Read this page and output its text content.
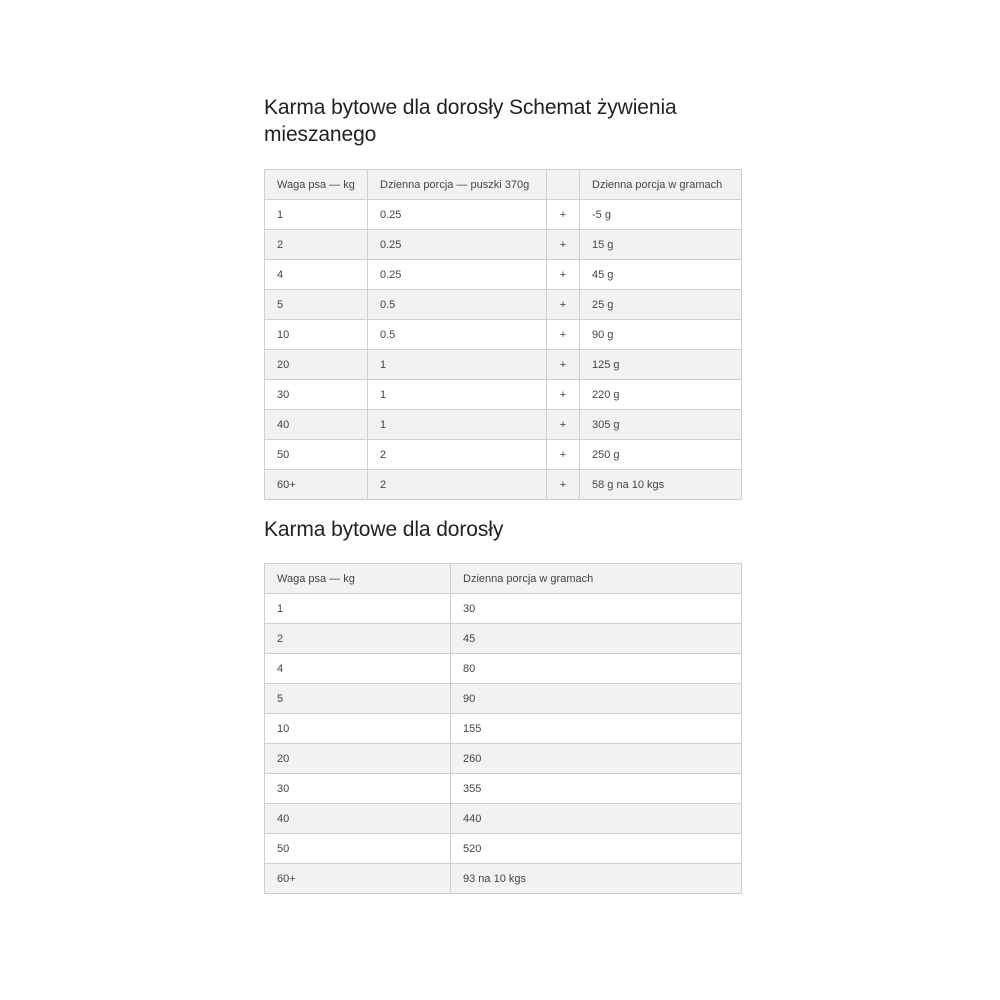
Karma bytowe dla dorosły Schemat żywienia mieszanego
Waga psa — kg	Dzienna porcja — puszki 370g		Dzienna porcja w gramach
1	0.25	+	-5 g
2	0.25	+	15 g
4	0.25	+	45 g
5	0.5	+	25 g
10	0.5	+	90 g
20	1	+	125 g
30	1	+	220 g
40	1	+	305 g
50	2	+	250 g
60+	2	+	58 g na 10 kgs
Karma bytowe dla dorosły
Waga psa — kg	Dzienna porcja w gramach
1	30
2	45
4	80
5	90
10	155
20	260
30	355
40	440
50	520
60+	93 na 10 kgs
